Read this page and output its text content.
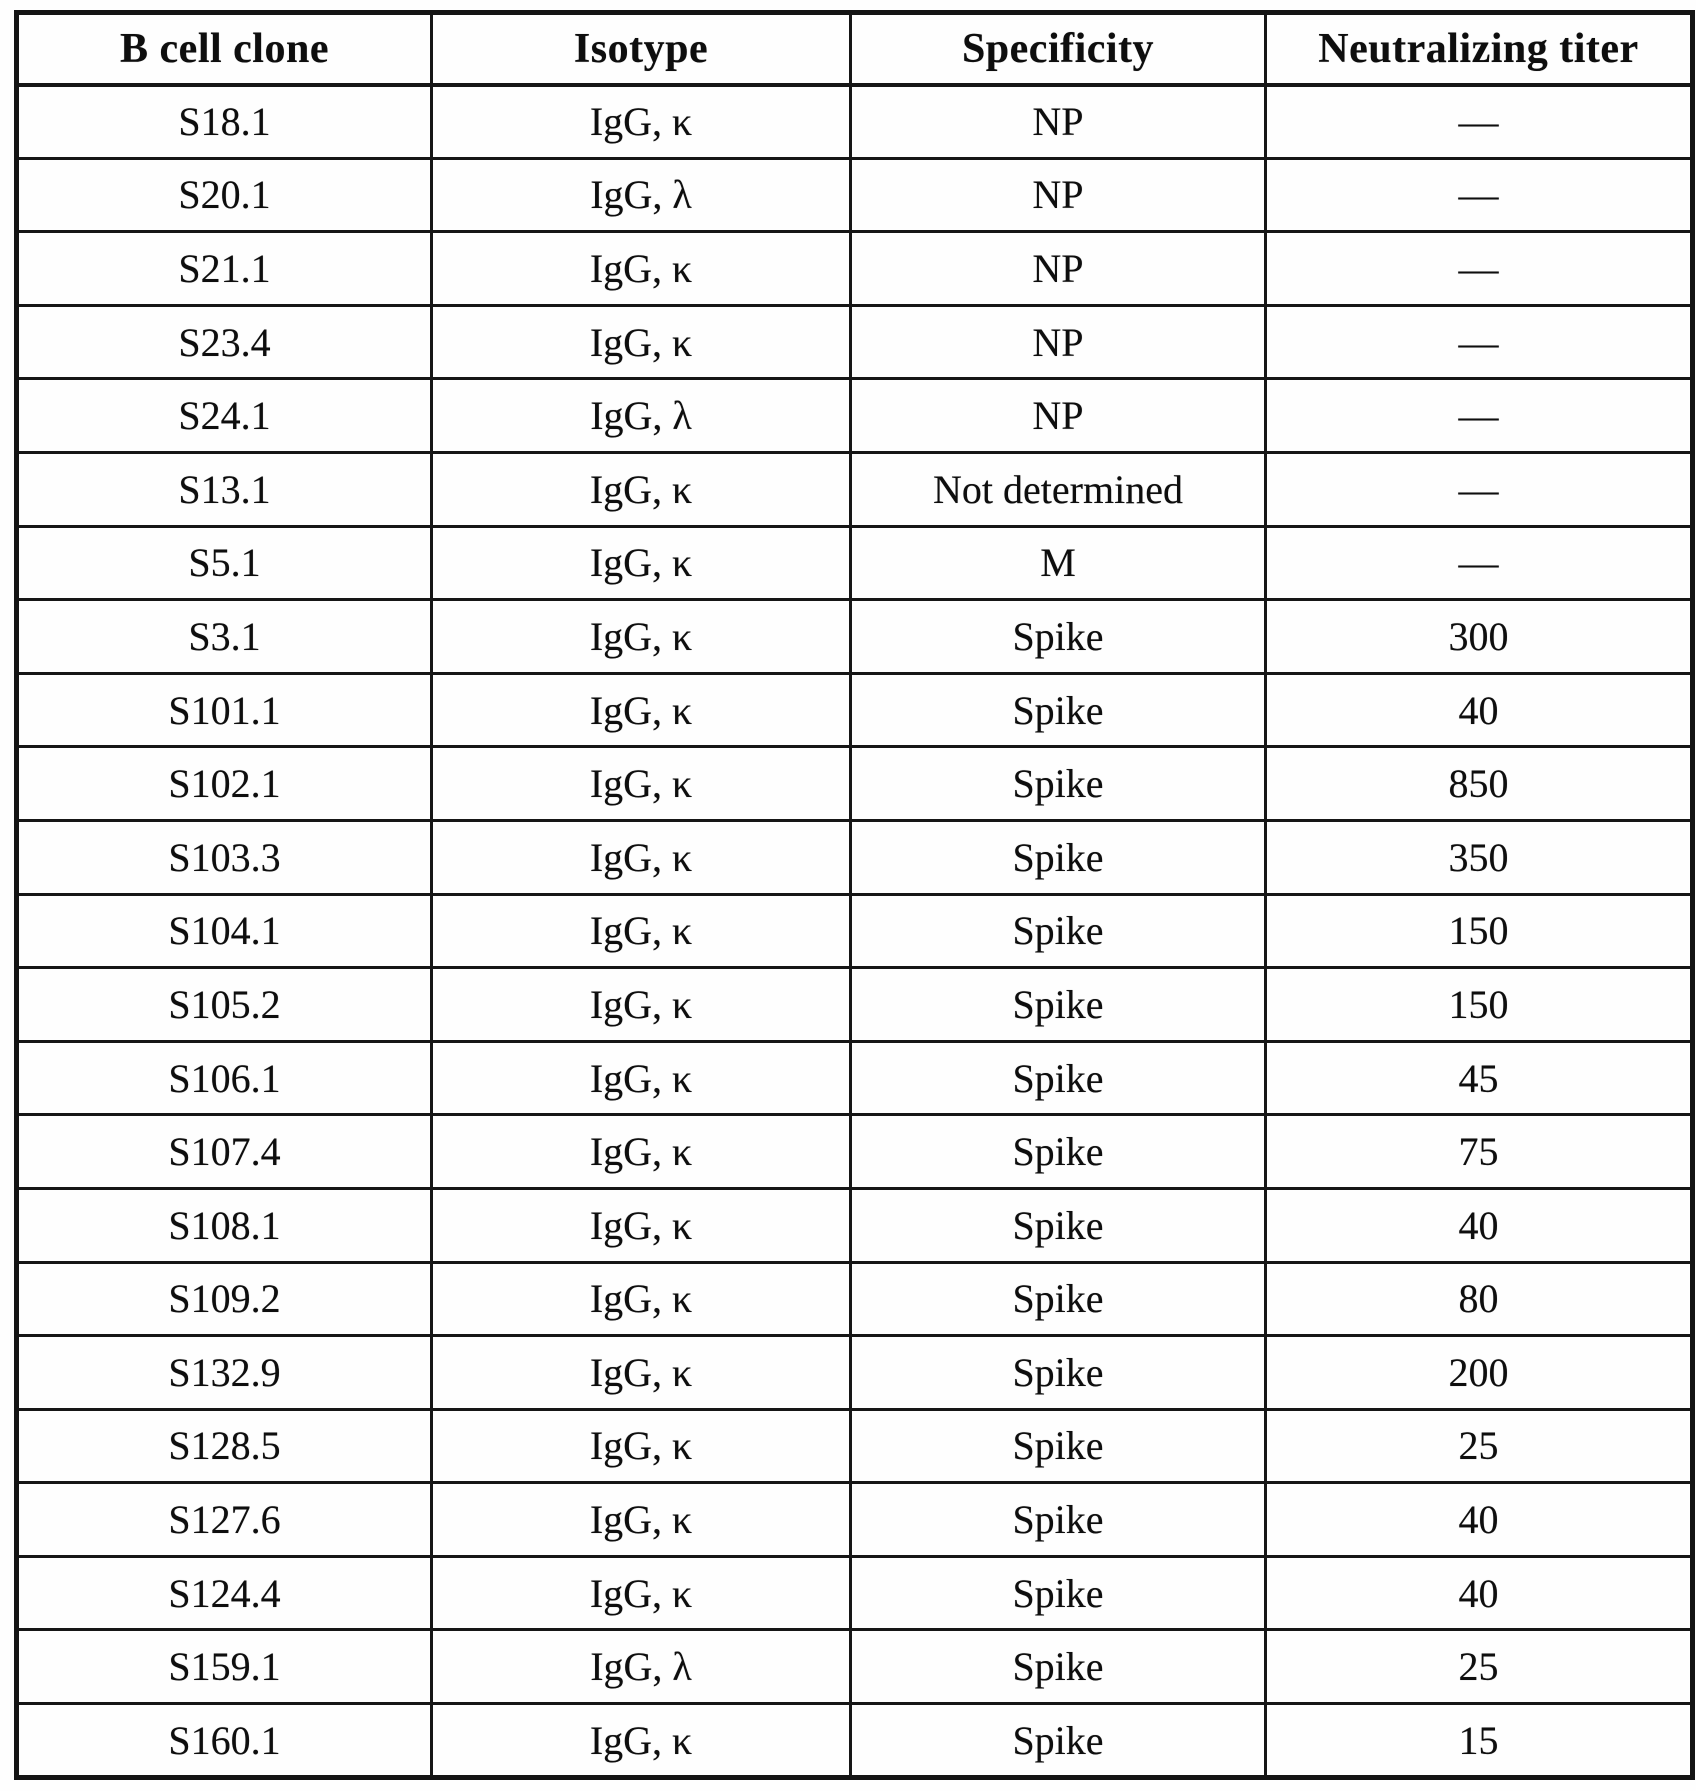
B cell clone	Isotype	Specificity	Neutralizing titer
S18.1	IgG, κ	NP	—
S20.1	IgG, λ	NP	—
S21.1	IgG, κ	NP	—
S23.4	IgG, κ	NP	—
S24.1	IgG, λ	NP	—
S13.1	IgG, κ	Not determined	—
S5.1	IgG, κ	M	—
S3.1	IgG, κ	Spike	300
S101.1	IgG, κ	Spike	40
S102.1	IgG, κ	Spike	850
S103.3	IgG, κ	Spike	350
S104.1	IgG, κ	Spike	150
S105.2	IgG, κ	Spike	150
S106.1	IgG, κ	Spike	45
S107.4	IgG, κ	Spike	75
S108.1	IgG, κ	Spike	40
S109.2	IgG, κ	Spike	80
S132.9	IgG, κ	Spike	200
S128.5	IgG, κ	Spike	25
S127.6	IgG, κ	Spike	40
S124.4	IgG, κ	Spike	40
S159.1	IgG, λ	Spike	25
S160.1	IgG, κ	Spike	15
